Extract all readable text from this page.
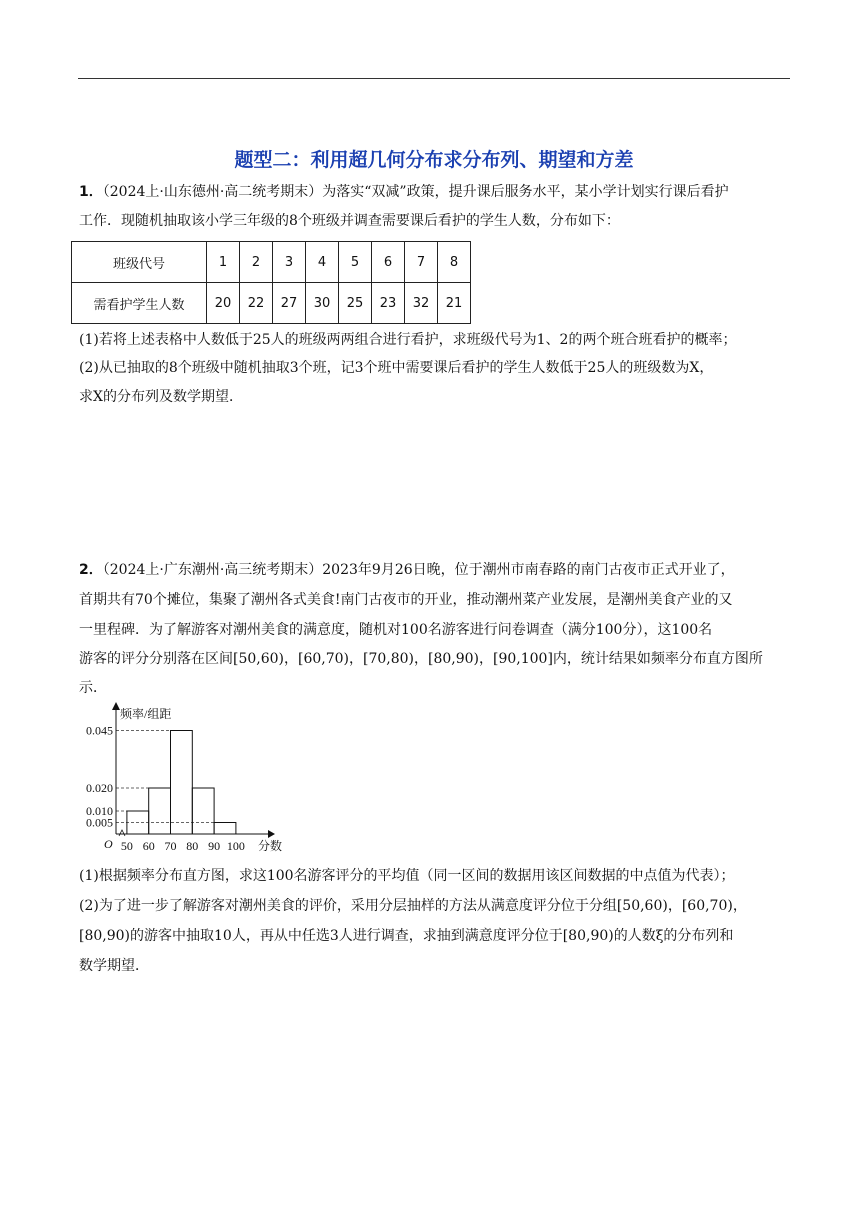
题型二：利用超几何分布求分布列、期望和方差
1．（2024上·山东德州·高二统考期末）为落实“双减”政策，提升课后服务水平，某小学计划实行课后看护
工作．现随机抽取该小学三年级的8个班级并调查需要课后看护的学生人数，分布如下：
班级代号	1	2	3	4	5	6	7	8
需看护学生人数	20	22	27	30	25	23	32	21
(1)若将上述表格中人数低于25人的班级两两组合进行看护，求班级代号为1、2的两个班合班看护的概率；
(2)从已抽取的8个班级中随机抽取3个班，记3个班中需要课后看护的学生人数低于25人的班级数为X，
求X的分布列及数学期望．
2．（2024上·广东潮州·高三统考期末）2023年9月26日晚，位于潮州市南春路的南门古夜市正式开业了，
首期共有70个摊位，集聚了潮州各式美食!南门古夜市的开业，推动潮州菜产业发展，是潮州美食产业的又
一里程碑．为了解游客对潮州美食的满意度，随机对100名游客进行问卷调查（满分100分），这100名
游客的评分分别落在区间[50,60)，[60,70)，[70,80)，[80,90)，[90,100]内，统计结果如频率分布直方图所
示．
0.045
0.020
0.010
0.005
50 60 70 80 90 100
O
频率/组距
分数
(1)根据频率分布直方图，求这100名游客评分的平均值（同一区间的数据用该区间数据的中点值为代表）；
(2)为了进一步了解游客对潮州美食的评价，采用分层抽样的方法从满意度评分位于分组[50,60)，[60,70)，
[80,90)的游客中抽取10人，再从中任选3人进行调查，求抽到满意度评分位于[80,90)的人数ξ的分布列和
数学期望．
